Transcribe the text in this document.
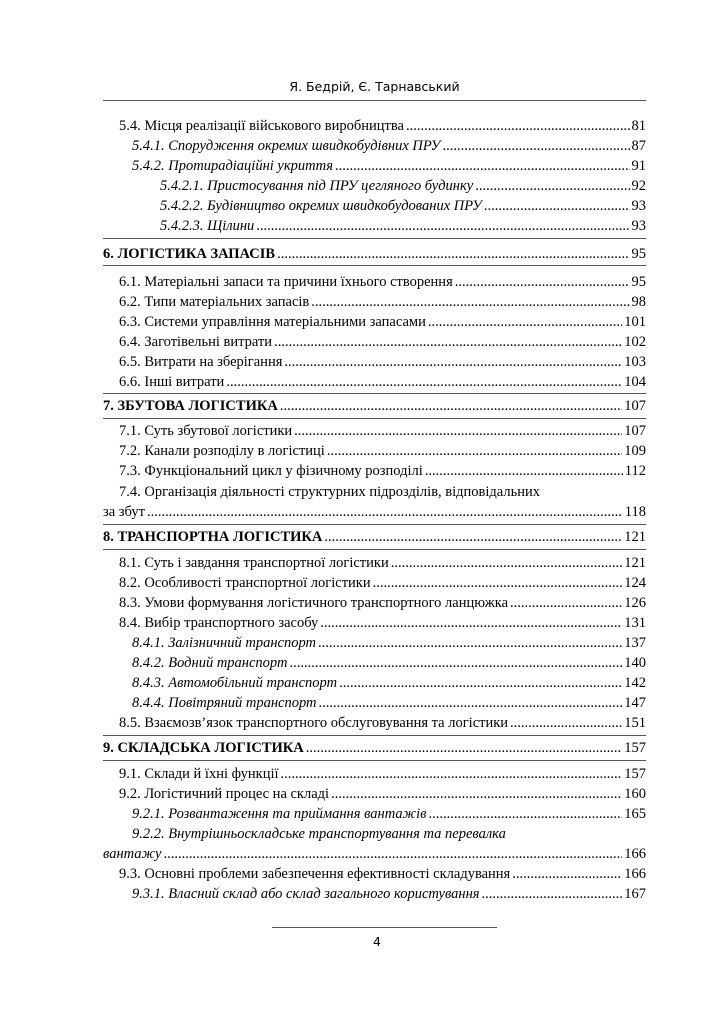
Я. Бедрій, Є. Тарнавський
5.4. Місця реалізації військового виробництва .....	81
5.4.1. Спорудження окремих швидкобудівних ПРУ .....	87
5.4.2. Протирадіаційні укриття .....	91
5.4.2.1. Пристосування під ПРУ цегляного будинку .....	92
5.4.2.2. Будівництво окремих швидкобудованих ПРУ .....	93
5.4.2.3. Щілини .....	93
6. ЛОГІСТИКА ЗАПАСІВ .....	95
6.1. Матеріальні запаси та причини їхнього створення .....	95
6.2. Типи матеріальних запасів .....	98
6.3. Системи управління матеріальними запасами .....	101
6.4. Заготівельні витрати .....	102
6.5. Витрати на зберігання .....	103
6.6. Інші витрати .....	104
7. ЗБУТОВА ЛОГІСТИКА .....	107
7.1. Суть збутової логістики .....	107
7.2. Канали розподілу в логістиці .....	109
7.3. Функціональний цикл у фізичному розподілі .....	112
7.4. Організація діяльності структурних підрозділів, відповідальних
за збут .....	118
8. ТРАНСПОРТНА ЛОГІСТИКА .....	121
8.1. Суть і завдання транспортної логістики .....	121
8.2. Особливості транспортної логістики .....	124
8.3. Умови формування логістичного транспортного ланцюжка .....	126
8.4. Вибір транспортного засобу .....	131
8.4.1. Залізничний транспорт .....	137
8.4.2. Водний транспорт .....	140
8.4.3. Автомобільний транспорт .....	142
8.4.4. Повітряний транспорт .....	147
8.5. Взаємозв’язок транспортного обслуговування та логістики .....	151
9. СКЛАДСЬКА ЛОГІСТИКА .....	157
9.1. Склади й їхні функції .....	157
9.2. Логістичний процес на складі .....	160
9.2.1. Розвантаження та приймання вантажів .....	165
9.2.2. Внутрішньоскладське транспортування та перевалка
вантажу .....	166
9.3. Основні проблеми забезпечення ефективності складування .....	166
9.3.1. Власний склад або склад загального користування .....	167
4
